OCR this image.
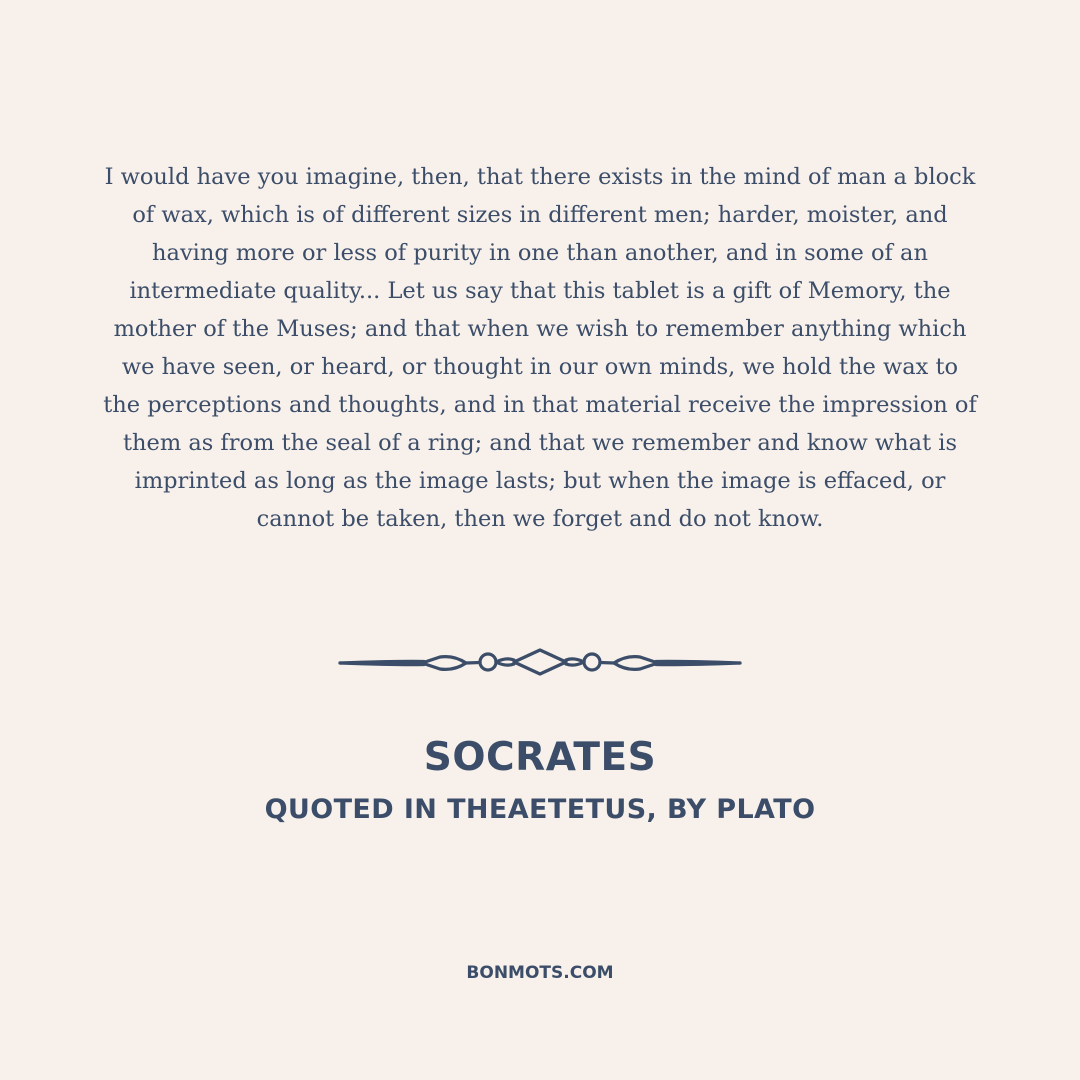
I would have you imagine, then, that there exists in the mind of man a block of wax, which is of different sizes in different men; harder, moister, and having more or less of purity in one than another, and in some of an intermediate quality... Let us say that this tablet is a gift of Memory, the mother of the Muses; and that when we wish to remember anything which we have seen, or heard, or thought in our own minds, we hold the wax to the perceptions and thoughts, and in that material receive the impression of them as from the seal of a ring; and that we remember and know what is imprinted as long as the image lasts; but when the image is effaced, or cannot be taken, then we forget and do not know.

SOCRATES
QUOTED IN THEAETETUS, BY PLATO
BONMOTS.COM
